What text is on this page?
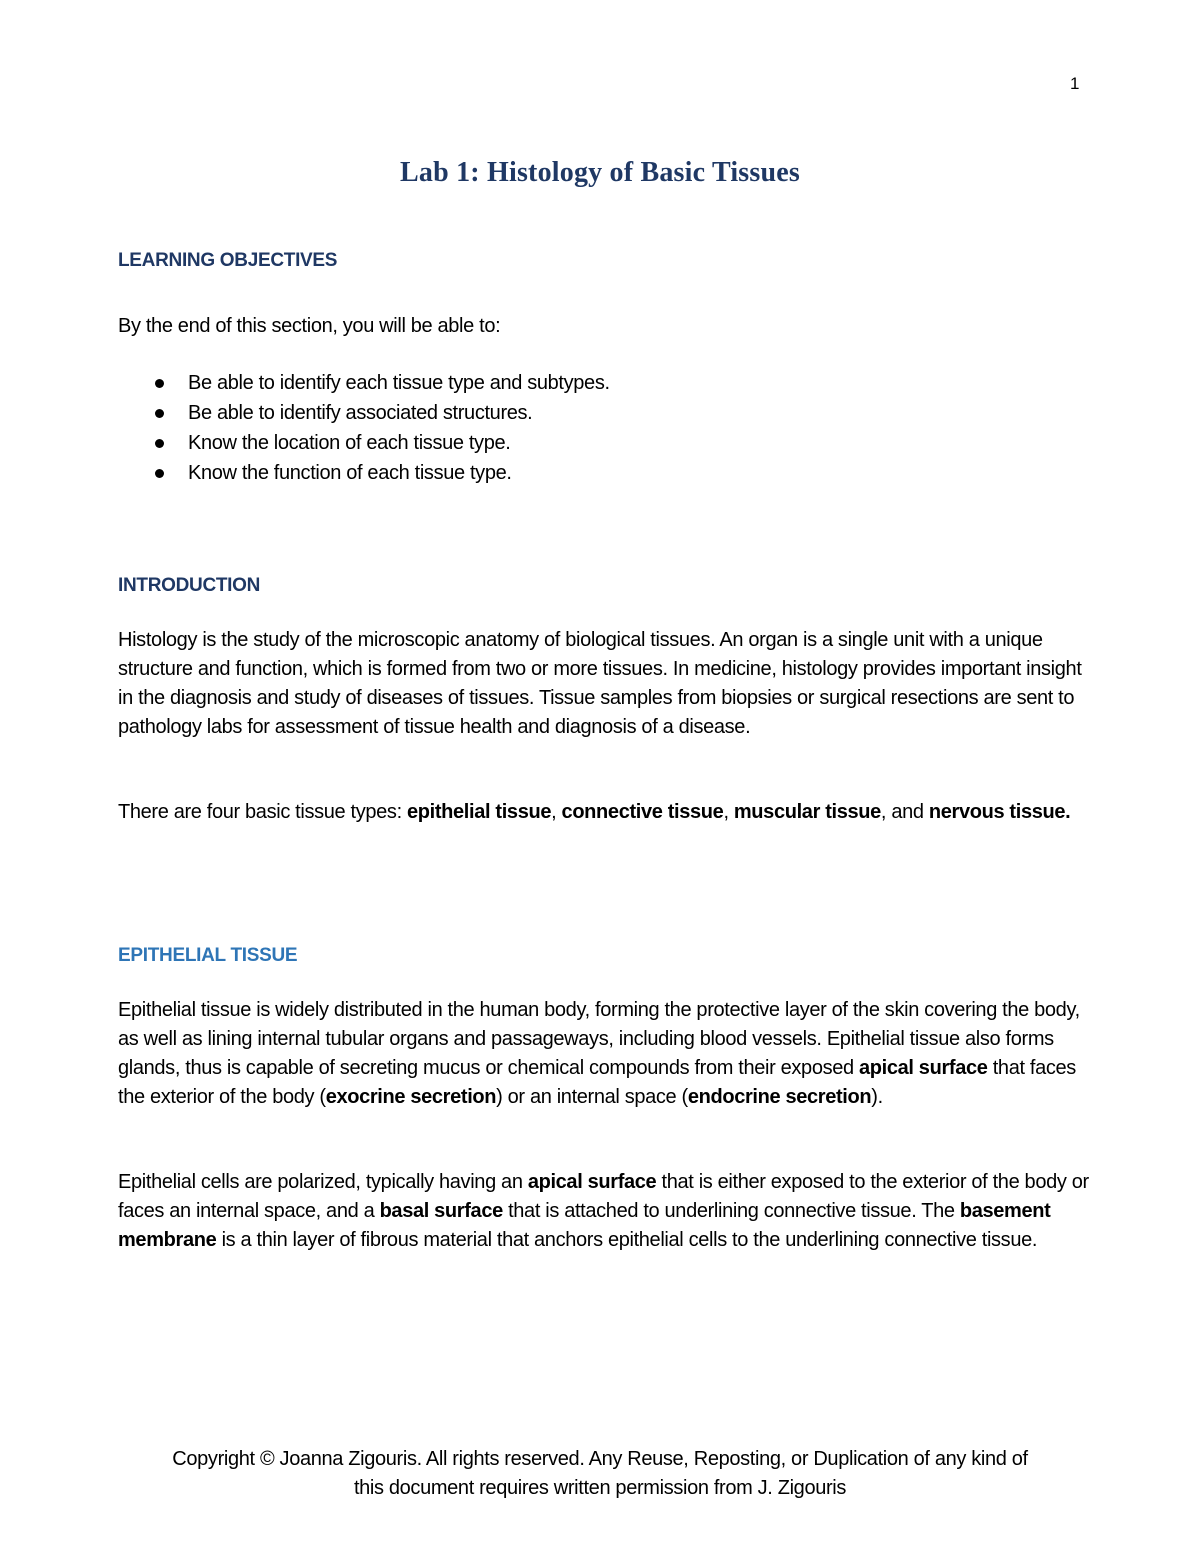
1
Lab 1: Histology of Basic Tissues
LEARNING OBJECTIVES

By the end of this section, you will be able to:

Be able to identify each tissue type and subtypes.
Be able to identify associated structures.
Know the location of each tissue type.
Know the function of each tissue type.
INTRODUCTION

Histology is the study of the microscopic anatomy of biological tissues. An organ is a single unit with a unique structure and function, which is formed from two or more tissues. In medicine, histology provides important insight in the diagnosis and study of diseases of tissues. Tissue samples from biopsies or surgical resections are sent to pathology labs for assessment of tissue health and diagnosis of a disease.

There are four basic tissue types: epithelial tissue, connective tissue, muscular tissue, and nervous tissue.

EPITHELIAL TISSUE

Epithelial tissue is widely distributed in the human body, forming the protective layer of the skin covering the body, as well as lining internal tubular organs and passageways, including blood vessels. Epithelial tissue also forms glands, thus is capable of secreting mucus or chemical compounds from their exposed apical surface that faces the exterior of the body (exocrine secretion) or an internal space (endocrine secretion).

Epithelial cells are polarized, typically having an apical surface that is either exposed to the exterior of the body or faces an internal space, and a basal surface that is attached to underlining connective tissue. The basement membrane is a thin layer of fibrous material that anchors epithelial cells to the underlining connective tissue.

Copyright © Joanna Zigouris. All rights reserved. Any Reuse, Reposting, or Duplication of any kind of
this document requires written permission from J. Zigouris
